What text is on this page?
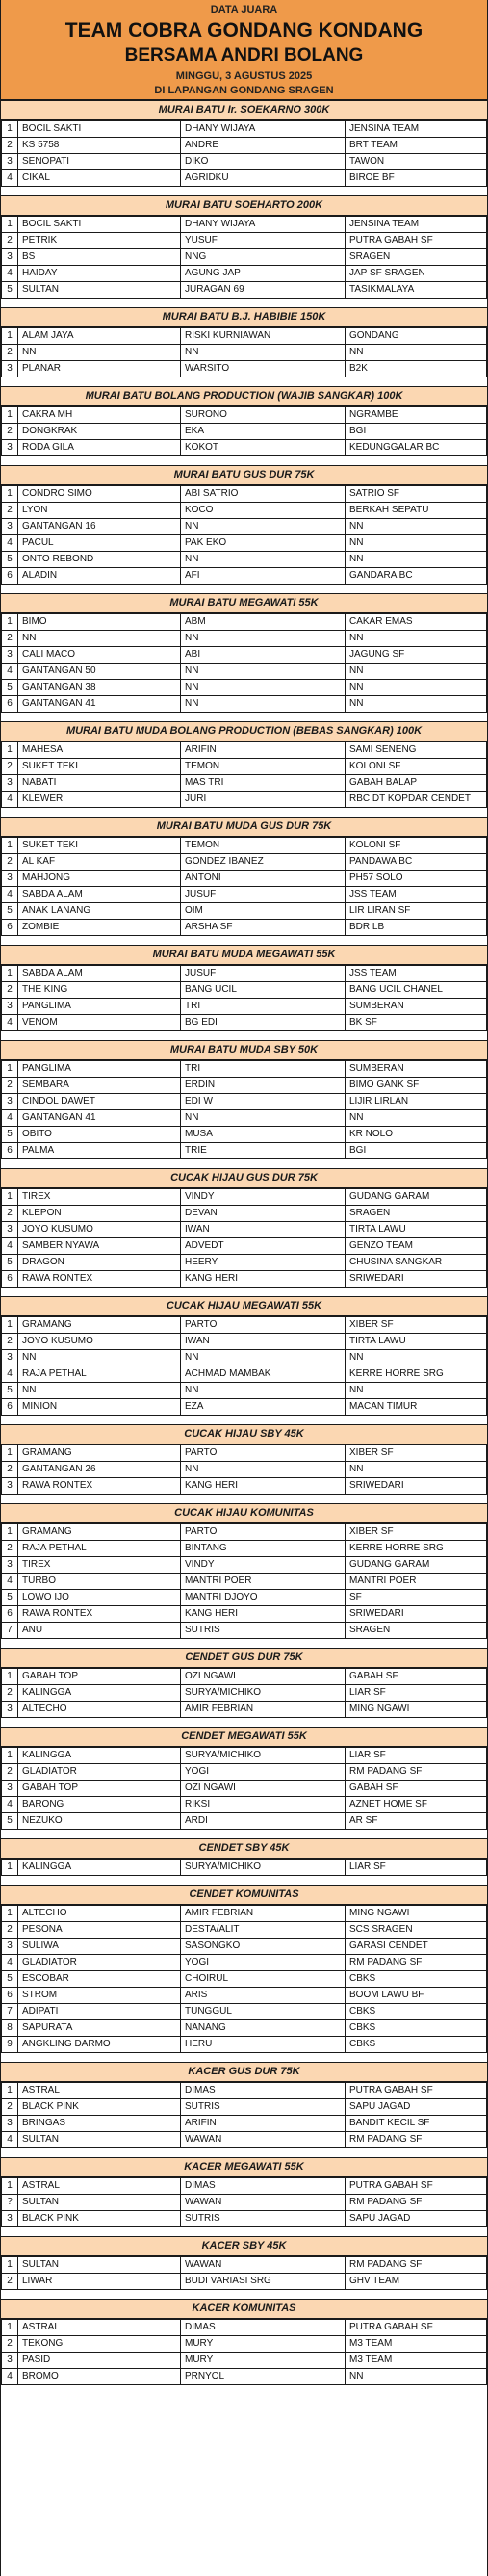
DATA JUARA
TEAM COBRA GONDANG KONDANG
BERSAMA ANDRI BOLANG
MINGGU, 3 AGUSTUS 2025
DI LAPANGAN GONDANG SRAGEN
MURAI BATU Ir. SOEKARNO 300K
1	BOCIL SAKTI	DHANY WIJAYA	JENSINA TEAM
2	KS 5758	ANDRE	BRT TEAM
3	SENOPATI	DIKO	TAWON
4	CIKAL	AGRIDKU	BIROE BF
MURAI BATU SOEHARTO 200K
1	BOCIL SAKTI	DHANY WIJAYA	JENSINA TEAM
2	PETRIK	YUSUF	PUTRA GABAH SF
3	BS	NNG	SRAGEN
4	HAIDAY	AGUNG JAP	JAP SF SRAGEN
5	SULTAN	JURAGAN 69	TASIKMALAYA
MURAI BATU B.J. HABIBIE 150K
1	ALAM JAYA	RISKI KURNIAWAN	GONDANG
2	NN	NN	NN
3	PLANAR	WARSITO	B2K
MURAI BATU BOLANG PRODUCTION (WAJIB SANGKAR) 100K
1	CAKRA MH	SURONO	NGRAMBE
2	DONGKRAK	EKA	BGI
3	RODA GILA	KOKOT	KEDUNGGALAR BC
MURAI BATU GUS DUR 75K
1	CONDRO SIMO	ABI SATRIO	SATRIO SF
2	LYON	KOCO	BERKAH SEPATU
3	GANTANGAN 16	NN	NN
4	PACUL	PAK EKO	NN
5	ONTO REBOND	NN	NN
6	ALADIN	AFI	GANDARA BC
MURAI BATU MEGAWATI 55K
1	BIMO	ABM	CAKAR EMAS
2	NN	NN	NN
3	CALI MACO	ABI	JAGUNG SF
4	GANTANGAN 50	NN	NN
5	GANTANGAN 38	NN	NN
6	GANTANGAN 41	NN	NN
MURAI BATU MUDA BOLANG PRODUCTION (BEBAS SANGKAR) 100K
1	MAHESA	ARIFIN	SAMI SENENG
2	SUKET TEKI	TEMON	KOLONI SF
3	NABATI	MAS TRI	GABAH BALAP
4	KLEWER	JURI	RBC DT KOPDAR CENDET
MURAI BATU MUDA GUS DUR 75K
1	SUKET TEKI	TEMON	KOLONI SF
2	AL KAF	GONDEZ IBANEZ	PANDAWA BC
3	MAHJONG	ANTONI	PH57 SOLO
4	SABDA ALAM	JUSUF	JSS TEAM
5	ANAK LANANG	OIM	LIR LIRAN SF
6	ZOMBIE	ARSHA SF	BDR LB
MURAI BATU MUDA MEGAWATI 55K
1	SABDA ALAM	JUSUF	JSS TEAM
2	THE KING	BANG UCIL	BANG UCIL CHANEL
3	PANGLIMA	TRI	SUMBERAN
4	VENOM	BG EDI	BK SF
MURAI BATU MUDA SBY 50K
1	PANGLIMA	TRI	SUMBERAN
2	SEMBARA	ERDIN	BIMO GANK SF
3	CINDOL DAWET	EDI W	LIJIR LIRLAN
4	GANTANGAN 41	NN	NN
5	OBITO	MUSA	KR NOLO
6	PALMA	TRIE	BGI
CUCAK HIJAU GUS DUR 75K
1	TIREX	VINDY	GUDANG GARAM
2	KLEPON	DEVAN	SRAGEN
3	JOYO KUSUMO	IWAN	TIRTA LAWU
4	SAMBER NYAWA	ADVEDT	GENZO TEAM
5	DRAGON	HEERY	CHUSINA SANGKAR
6	RAWA RONTEX	KANG HERI	SRIWEDARI
CUCAK HIJAU MEGAWATI 55K
1	GRAMANG	PARTO	XIBER SF
2	JOYO KUSUMO	IWAN	TIRTA LAWU
3	NN	NN	NN
4	RAJA PETHAL	ACHMAD MAMBAK	KERRE HORRE SRG
5	NN	NN	NN
6	MINION	EZA	MACAN TIMUR
CUCAK HIJAU SBY 45K
1	GRAMANG	PARTO	XIBER SF
2	GANTANGAN 26	NN	NN
3	RAWA RONTEX	KANG HERI	SRIWEDARI
CUCAK HIJAU KOMUNITAS
1	GRAMANG	PARTO	XIBER SF
2	RAJA PETHAL	BINTANG	KERRE HORRE SRG
3	TIREX	VINDY	GUDANG GARAM
4	TURBO	MANTRI POER	MANTRI POER
5	LOWO IJO	MANTRI DJOYO	SF
6	RAWA RONTEX	KANG HERI	SRIWEDARI
7	ANU	SUTRIS	SRAGEN
CENDET GUS DUR 75K
1	GABAH TOP	OZI NGAWI	GABAH SF
2	KALINGGA	SURYA/MICHIKO	LIAR SF
3	ALTECHO	AMIR FEBRIAN	MING NGAWI
CENDET MEGAWATI 55K
1	KALINGGA	SURYA/MICHIKO	LIAR SF
2	GLADIATOR	YOGI	RM PADANG SF
3	GABAH TOP	OZI NGAWI	GABAH SF
4	BARONG	RIKSI	AZNET HOME SF
5	NEZUKO	ARDI	AR SF
CENDET SBY 45K
1	KALINGGA	SURYA/MICHIKO	LIAR SF
CENDET KOMUNITAS
1	ALTECHO	AMIR FEBRIAN	MING NGAWI
2	PESONA	DESTA/ALIT	SCS SRAGEN
3	SULIWA	SASONGKO	GARASI CENDET
4	GLADIATOR	YOGI	RM PADANG SF
5	ESCOBAR	CHOIRUL	CBKS
6	STROM	ARIS	BOOM LAWU BF
7	ADIPATI	TUNGGUL	CBKS
8	SAPURATA	NANANG	CBKS
9	ANGKLING DARMO	HERU	CBKS
KACER GUS DUR 75K
1	ASTRAL	DIMAS	PUTRA GABAH SF
2	BLACK PINK	SUTRIS	SAPU JAGAD
3	BRINGAS	ARIFIN	BANDIT KECIL SF
4	SULTAN	WAWAN	RM PADANG SF
KACER MEGAWATI 55K
1	ASTRAL	DIMAS	PUTRA GABAH SF
?	SULTAN	WAWAN	RM PADANG SF
3	BLACK PINK	SUTRIS	SAPU JAGAD
KACER SBY 45K
1	SULTAN	WAWAN	RM PADANG SF
2	LIWAR	BUDI VARIASI SRG	GHV TEAM
KACER KOMUNITAS
1	ASTRAL	DIMAS	PUTRA GABAH SF
2	TEKONG	MURY	M3 TEAM
3	PASID	MURY	M3 TEAM
4	BROMO	PRNYOL	NN
